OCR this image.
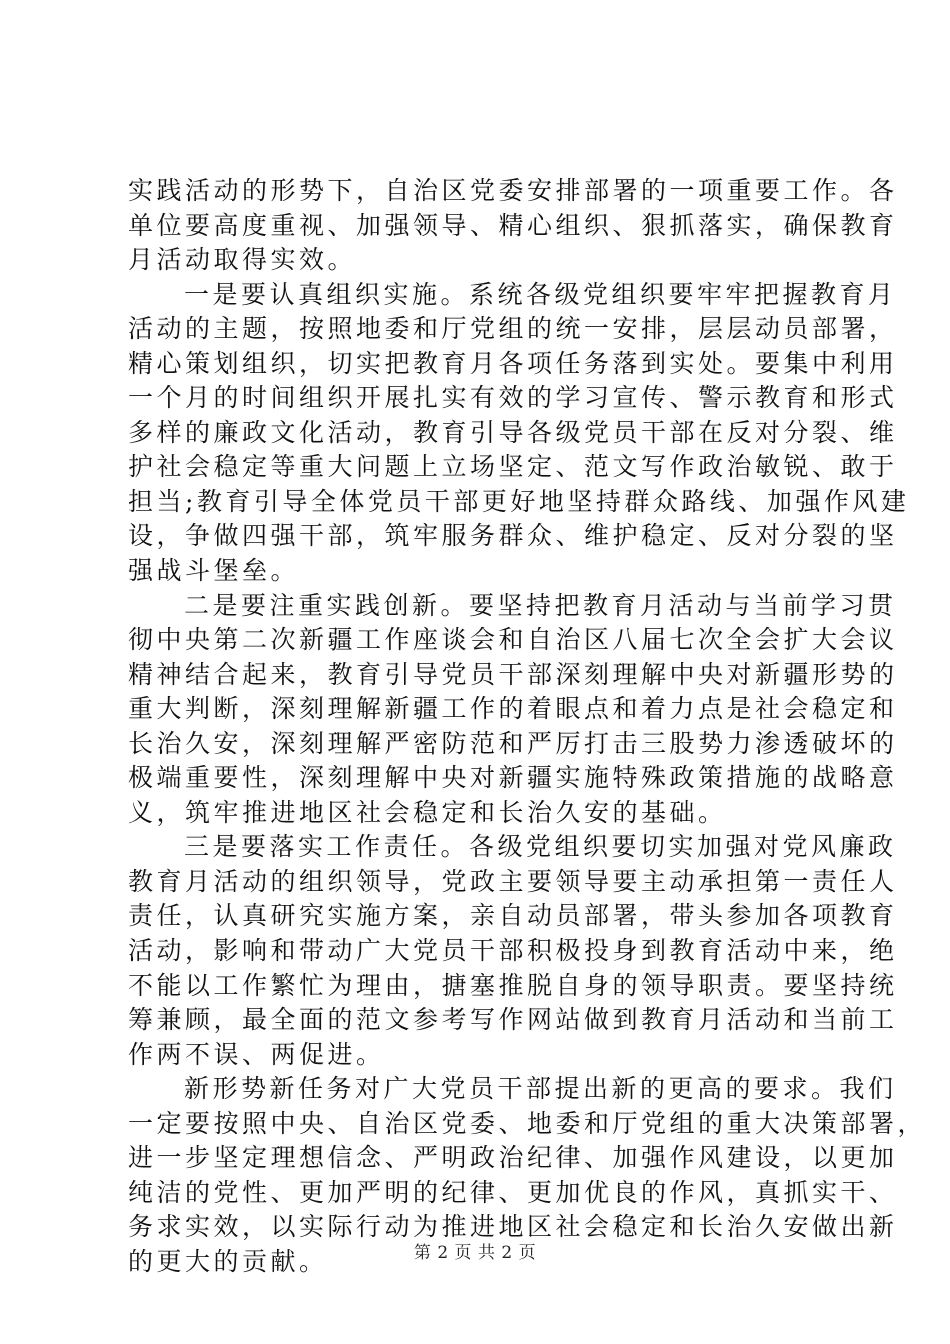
实践活动的形势下，自治区党委安排部署的一项重要工作。各
单位要高度重视、加强领导、精心组织、狠抓落实，确保教育
月活动取得实效。
一是要认真组织实施。系统各级党组织要牢牢把握教育月
活动的主题，按照地委和厅党组的统一安排，层层动员部署，
精心策划组织，切实把教育月各项任务落到实处。要集中利用
一个月的时间组织开展扎实有效的学习宣传、警示教育和形式
多样的廉政文化活动，教育引导各级党员干部在反对分裂、维
护社会稳定等重大问题上立场坚定、范文写作政治敏锐、敢于
担当;教育引导全体党员干部更好地坚持群众路线、加强作风建
设，争做四强干部，筑牢服务群众、维护稳定、反对分裂的坚
强战斗堡垒。
二是要注重实践创新。要坚持把教育月活动与当前学习贯
彻中央第二次新疆工作座谈会和自治区八届七次全会扩大会议
精神结合起来，教育引导党员干部深刻理解中央对新疆形势的
重大判断，深刻理解新疆工作的着眼点和着力点是社会稳定和
长治久安，深刻理解严密防范和严厉打击三股势力渗透破坏的
极端重要性，深刻理解中央对新疆实施特殊政策措施的战略意
义，筑牢推进地区社会稳定和长治久安的基础。
三是要落实工作责任。各级党组织要切实加强对党风廉政
教育月活动的组织领导，党政主要领导要主动承担第一责任人
责任，认真研究实施方案，亲自动员部署，带头参加各项教育
活动，影响和带动广大党员干部积极投身到教育活动中来，绝
不能以工作繁忙为理由，搪塞推脱自身的领导职责。要坚持统
筹兼顾，最全面的范文参考写作网站做到教育月活动和当前工
作两不误、两促进。
新形势新任务对广大党员干部提出新的更高的要求。我们
一定要按照中央、自治区党委、地委和厅党组的重大决策部署，
进一步坚定理想信念、严明政治纪律、加强作风建设，以更加
纯洁的党性、更加严明的纪律、更加优良的作风，真抓实干、
务求实效，以实际行动为推进地区社会稳定和长治久安做出新
的更大的贡献。	第 2 页 共 2 页
